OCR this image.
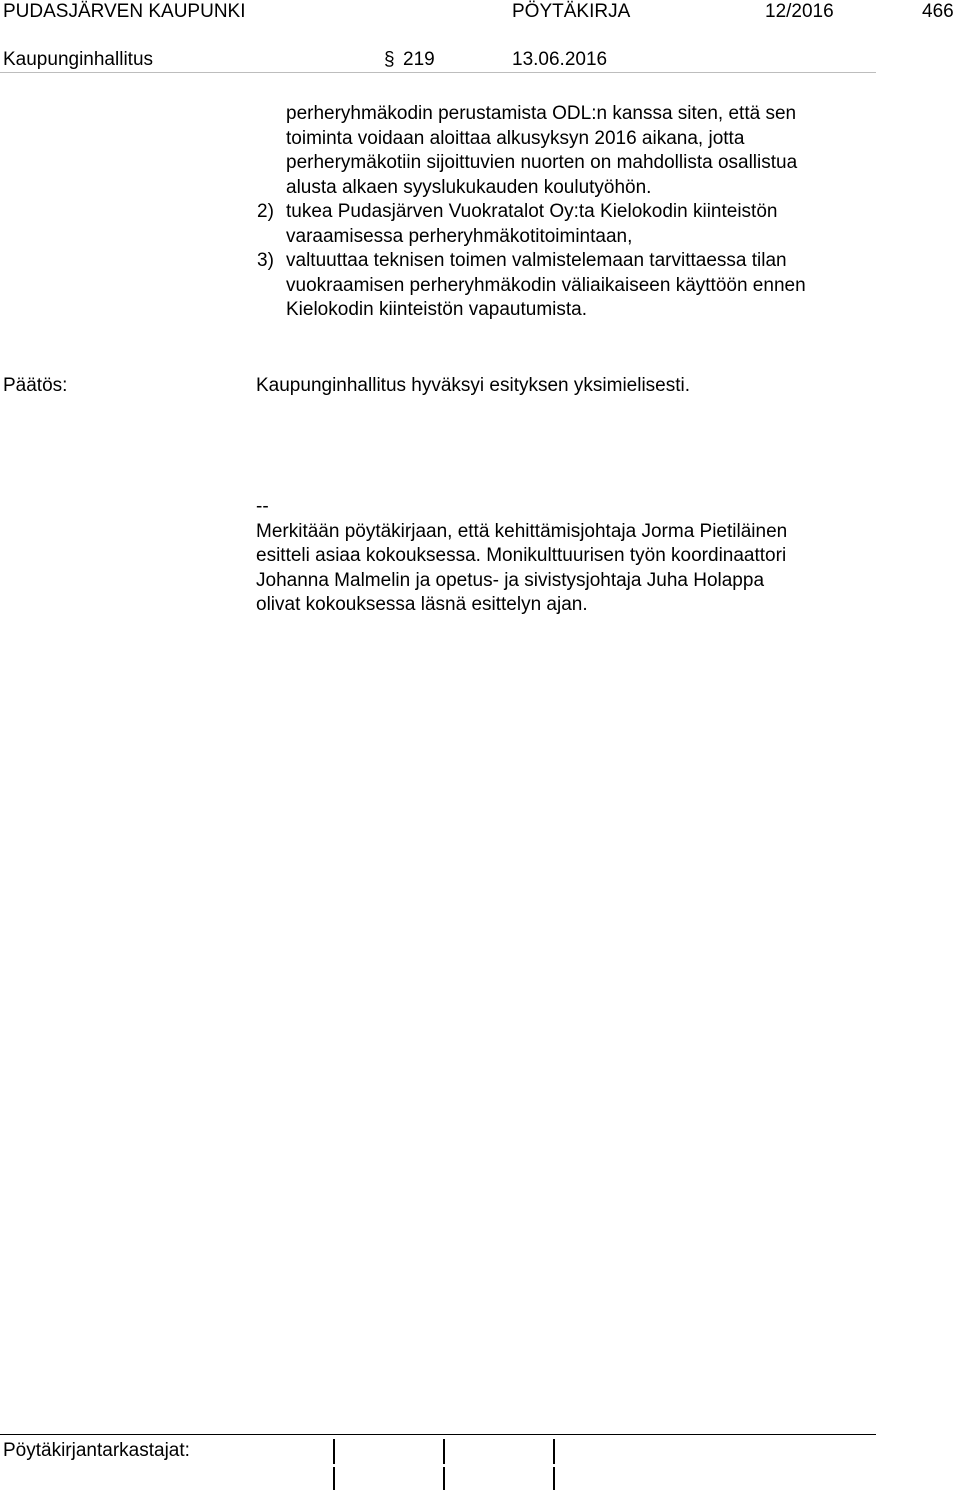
PUDASJÄRVEN KAUPUNKI	PÖYTÄKIRJA	12/2016	466
Kaupunginhallitus	§ 219	13.06.2016
perheryhmäkodin perustamista ODL:n kanssa siten, että sen
toiminta voidaan aloittaa alkusyksyn 2016 aikana, jotta
perherymäkotiin sijoittuvien nuorten on mahdollista osallistua
alusta alkaen syyslukukauden koulutyöhön.
2) tukea Pudasjärven Vuokratalot Oy:ta Kielokodin kiinteistön
varaamisessa perheryhmäkotitoimintaan,
3) valtuuttaa teknisen toimen valmistelemaan tarvittaessa tilan
vuokraamisen perheryhmäkodin väliaikaiseen käyttöön ennen
Kielokodin kiinteistön vapautumista.
Päätös:	Kaupunginhallitus hyväksyi esityksen yksimielisesti.
--
Merkitään pöytäkirjaan, että kehittämisjohtaja Jorma Pietiläinen
esitteli asiaa kokouksessa. Monikulttuurisen työn koordinaattori
Johanna Malmelin ja opetus- ja sivistysjohtaja Juha Holappa
olivat kokouksessa läsnä esittelyn ajan.
Pöytäkirjantarkastajat:
